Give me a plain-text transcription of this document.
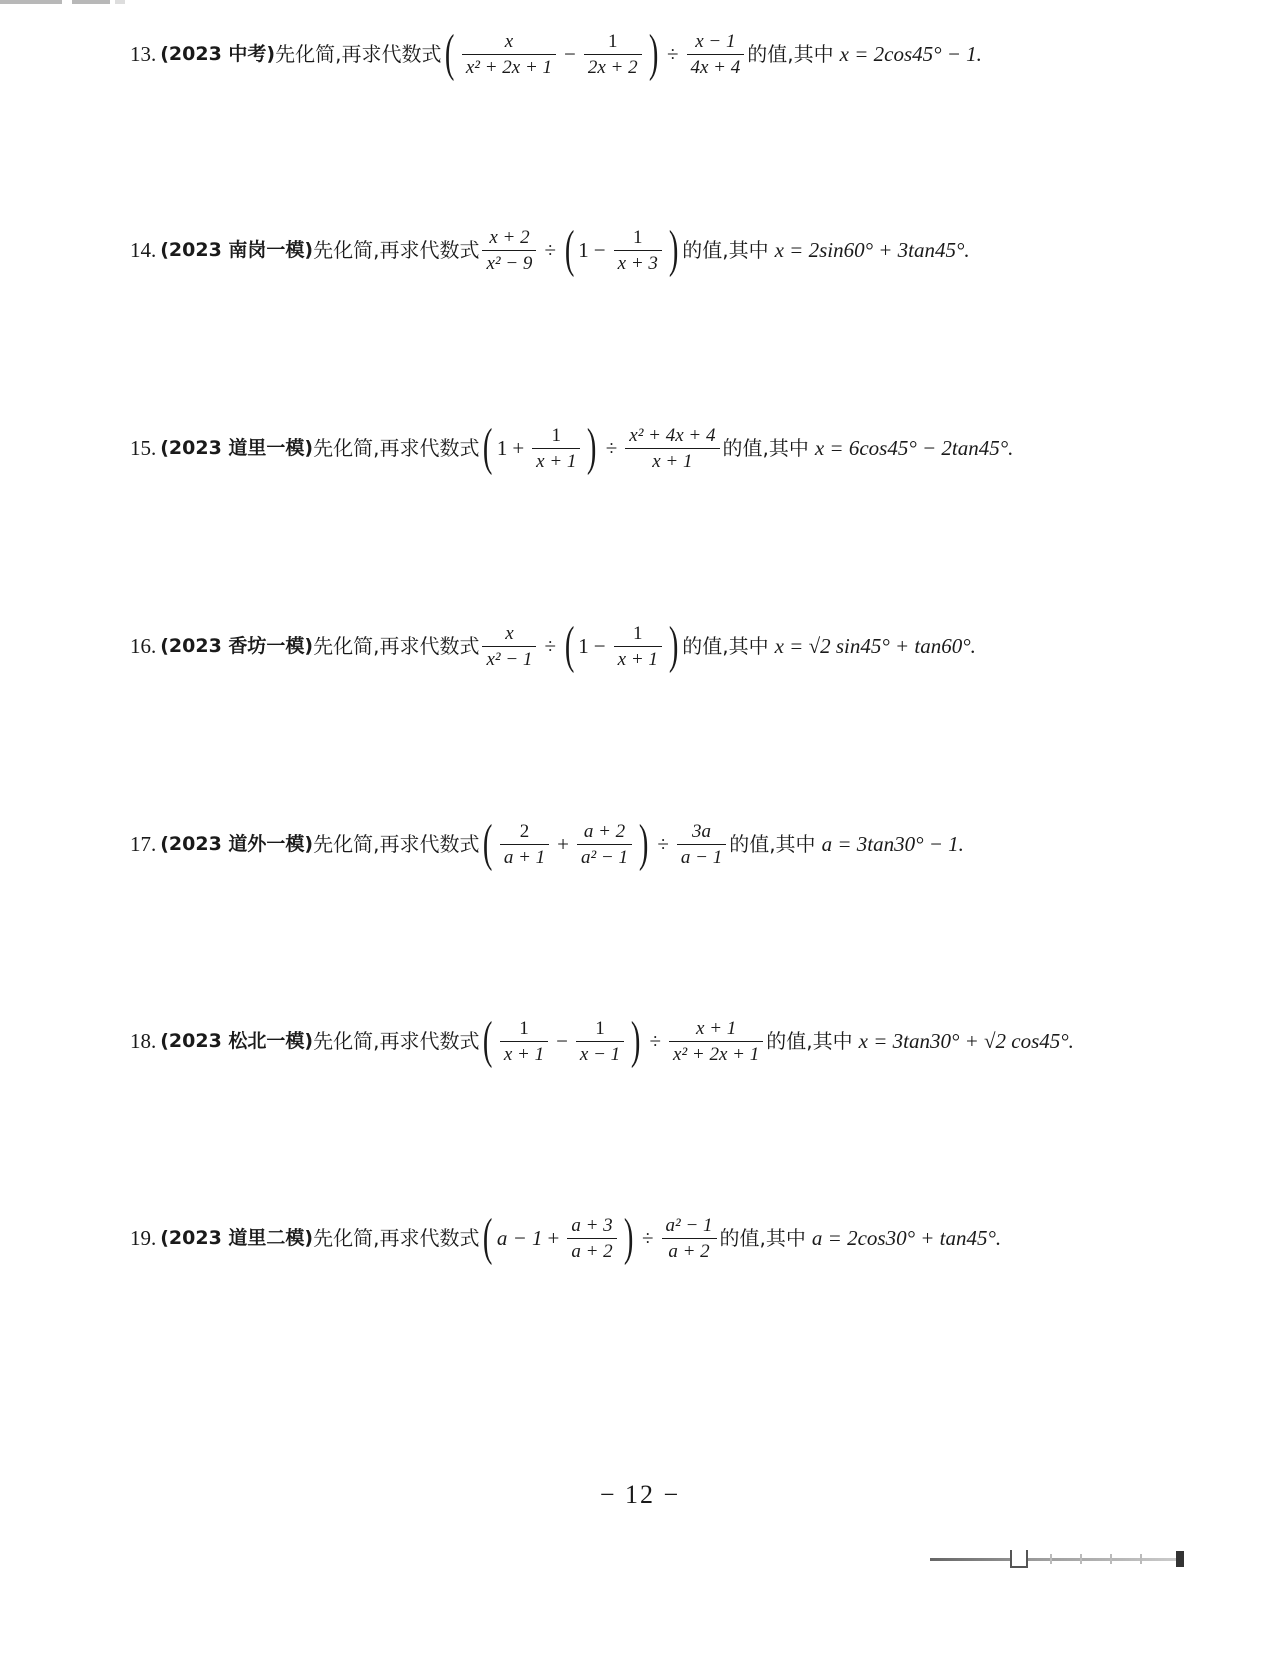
13. (2023 中考) 先化简,再求代数式 ( $\frac{x}{\text{x² + 2x + 1}} - \frac{1}{2x + 2}$ ) ÷ $\frac{x - 1}{4x + 4}$ 的值,其中 x = 2cos45° − 1.
14. (2023 南岗一模) 先化简,再求代数式 $\frac{x + 2}{\text{x² − 9}}$ ÷ ( $1 - \frac{1}{x + 3}$ ) 的值,其中 x = 2sin60° + 3tan45°.
15. (2023 道里一模) 先化简,再求代数式 ( $1 + \frac{1}{x + 1}$ ) ÷ $\frac{\text{x² + 4x + 4}}{x + 1}$ 的值,其中 x = 6cos45° − 2tan45°.
16. (2023 香坊一模) 先化简,再求代数式 $\frac{x}{\text{x² − 1}}$ ÷ ( $1 - \frac{1}{x + 1}$ ) 的值,其中 x = √2 sin45° + tan60°.
17. (2023 道外一模) 先化简,再求代数式 ( $\frac{2}{a + 1} + \frac{a + 2}{\text{a² − 1}}$ ) ÷ $\frac{3a}{a - 1}$ 的值,其中 a = 3tan30° − 1.
18. (2023 松北一模) 先化简,再求代数式 ( $\frac{1}{x + 1} - \frac{1}{x - 1}$ ) ÷ $\frac{x + 1}{\text{x² + 2x + 1}}$ 的值,其中 x = 3tan30° + √2 cos45°.
19. (2023 道里二模) 先化简,再求代数式 ( $a - 1 + \frac{a + 3}{a + 2}$ ) ÷ $\frac{\text{a² − 1}}{a + 2}$ 的值,其中 a = 2cos30° + tan45°.
− 12 −
